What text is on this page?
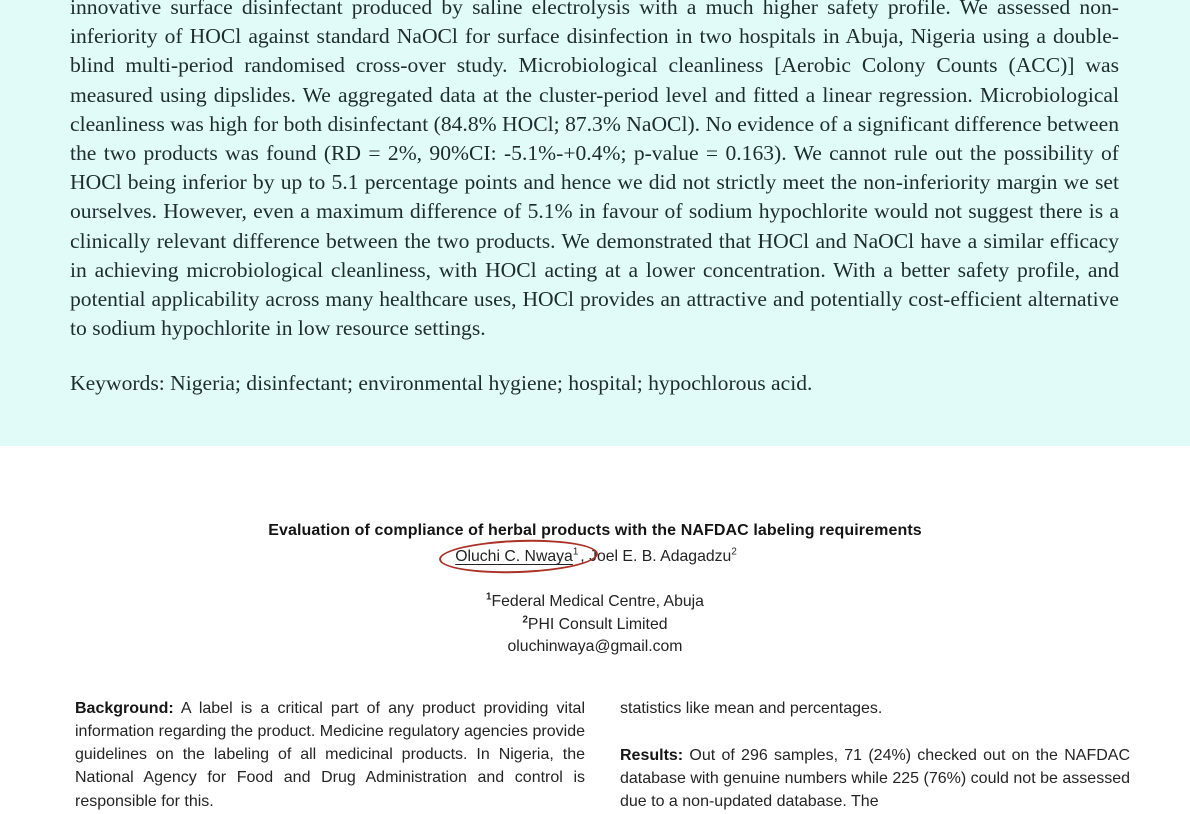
innovative surface disinfectant produced by saline electrolysis with a much higher safety profile. We assessed non-inferiority of HOCl against standard NaOCl for surface disinfection in two hospitals in Abuja, Nigeria using a double-blind multi-period randomised cross-over study. Microbiological cleanliness [Aerobic Colony Counts (ACC)] was measured using dipslides. We aggregated data at the cluster-period level and fitted a linear regression. Microbiological cleanliness was high for both disinfectant (84.8% HOCl; 87.3% NaOCl). No evidence of a significant difference between the two products was found (RD = 2%, 90%CI: -5.1%-+0.4%; p-value = 0.163). We cannot rule out the possibility of HOCl being inferior by up to 5.1 percentage points and hence we did not strictly meet the non-inferiority margin we set ourselves. However, even a maximum difference of 5.1% in favour of sodium hypochlorite would not suggest there is a clinically relevant difference between the two products. We demonstrated that HOCl and NaOCl have a similar efficacy in achieving microbiological cleanliness, with HOCl acting at a lower concentration. With a better safety profile, and potential applicability across many healthcare uses, HOCl provides an attractive and potentially cost-efficient alternative to sodium hypochlorite in low resource settings.

Keywords: Nigeria; disinfectant; environmental hygiene; hospital; hypochlorous acid.

Evaluation of compliance of herbal products with the NAFDAC labeling requirements
Oluchi C. Nwaya$^1$ , Joel E. B. Adagadzu$^2$
$^1$Federal Medical Centre, Abuja
$^2$PHI Consult Limited
oluchinwaya@gmail.com

Background: A label is a critical part of any product providing vital information regarding the product. Medicine regulatory agencies provide guidelines on the labeling of all medicinal products. In Nigeria, the National Agency for Food and Drug Administration and control is responsible for this.

statistics like mean and percentages.

Results: Out of 296 samples, 71 (24%) checked out on the NAFDAC database with genuine numbers while 225 (76%) could not be assessed due to a non-updated database. The
